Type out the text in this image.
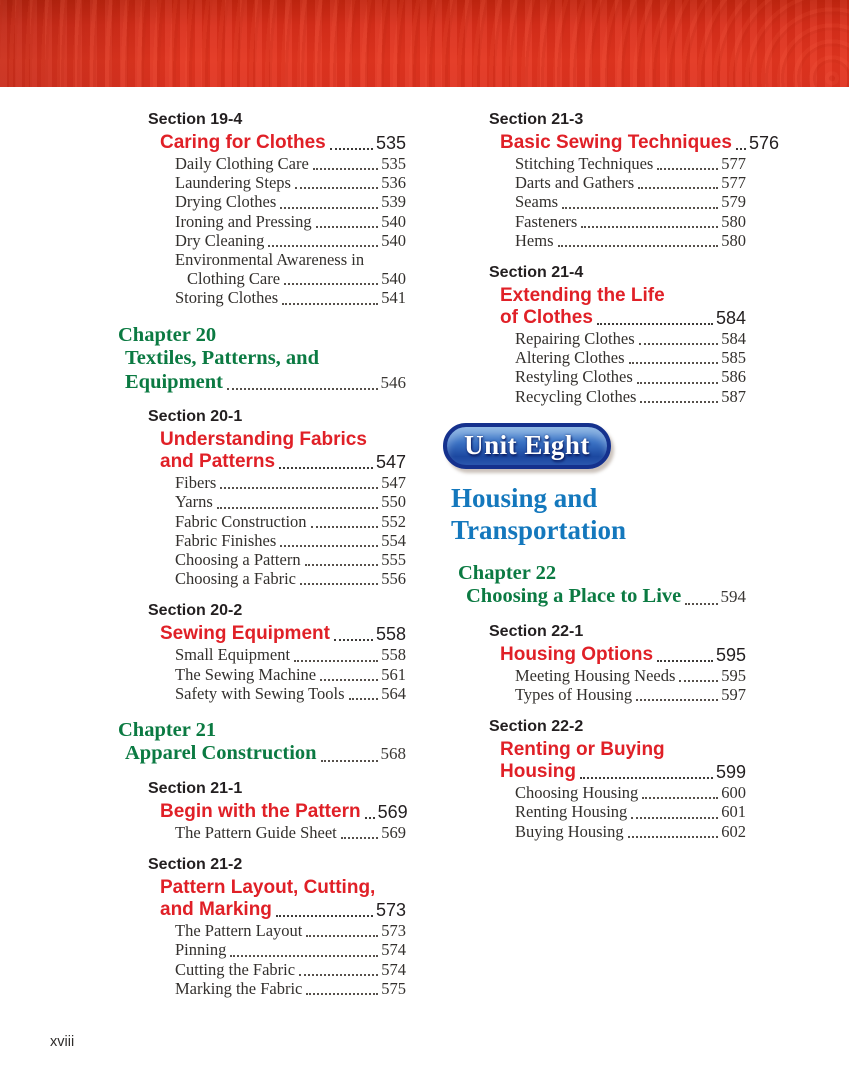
Section 19-4
Caring for Clothes	535
Daily Clothing Care	535
Laundering Steps	536
Drying Clothes	539
Ironing and Pressing	540
Dry Cleaning	540
Environmental Awareness in
Clothing Care	540
Storing Clothes	541
Chapter 20
Textiles, Patterns, and
Equipment	546
Section 20-1
Understanding Fabrics
and Patterns	547
Fibers	547
Yarns	550
Fabric Construction	552
Fabric Finishes	554
Choosing a Pattern	555
Choosing a Fabric	556
Section 20-2
Sewing Equipment	558
Small Equipment	558
The Sewing Machine	561
Safety with Sewing Tools 564
Chapter 21
Apparel Construction	568
Section 21-1
Begin with the Pattern 569
The Pattern Guide Sheet	569
Section 21-2
Pattern Layout, Cutting,
and Marking	573
The Pattern Layout	573
Pinning	574
Cutting the Fabric	574
Marking the Fabric	575
Section 21-3
Basic Sewing Techniques 576
Stitching Techniques	577
Darts and Gathers	577
Seams	579
Fasteners	580
Hems	580
Section 21-4
Extending the Life
of Clothes	584
Repairing Clothes	584
Altering Clothes	585
Restyling Clothes	586
Recycling Clothes	587
Unit Eight
Housing and
Transportation
Chapter 22
Choosing a Place to Live 594
Section 22-1
Housing Options	595
Meeting Housing Needs	595
Types of Housing	597
Section 22-2
Renting or Buying
Housing	599
Choosing Housing	600
Renting Housing	601
Buying Housing	602
xviii
